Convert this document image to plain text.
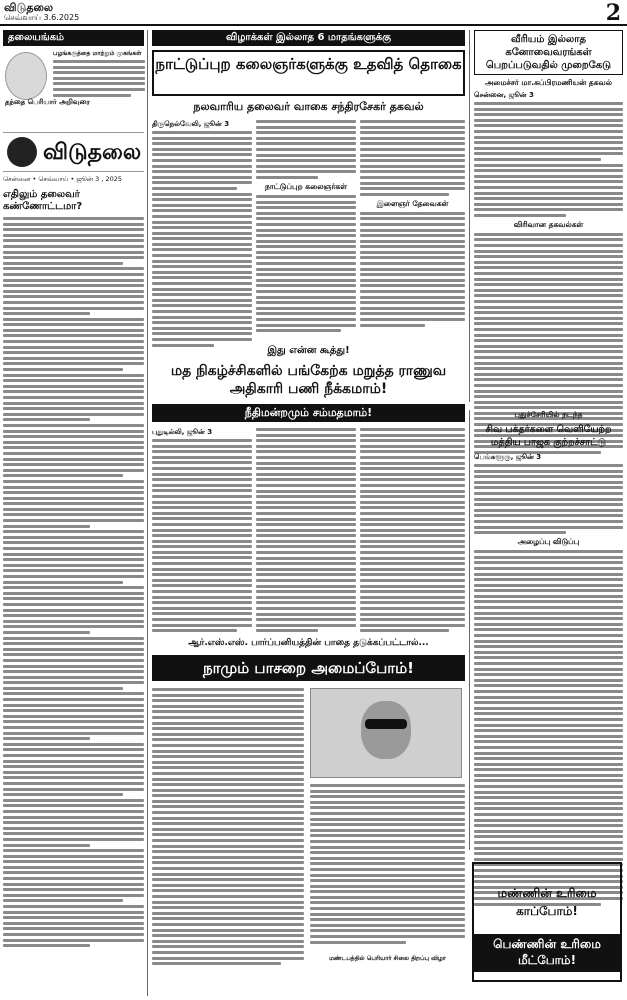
விடுதலை
செவ்வாய் 3.6.2025	2
தலையங்கம்
தந்தை பெரியார் அறிவுரை
பழங்கருத்தை மாற்றும் முகங்கள்
விடுதலை
சென்னை • செவ்வாய் • ஜூன் 3 , 2025
எதிலும் தலைவர் கண்ணோட்டமா?
விழாக்கள் இல்லாத 6 மாதங்களுக்கு
நாட்டுப்புற கலைஞர்களுக்கு உதவித் தொகை
நலவாரிய தலைவர் வாகை சந்திரசேகர் தகவல்
திருநெல்வேலி, ஜூன் 3
நாட்டுப்புற கலைஞர்கள்
இளைஞர் தேவைகள்
வீரியம் இல்லாத கனோவைவரங்கள் பெறப்படுவதில் முறைகேடு
அமைச்சர் மா.சுப்பிரமணியன் தகவல்
சென்னை, ஜூன் 3
விரிவான தகவல்கள்
இது என்ன கூத்து!
மத நிகழ்ச்சிகளில் பங்கேற்க மறுத்த ராணுவ அதிகாரி பணி நீக்கமாம்!
நீதிமன்றமும் சம்மதமாம்!
புதுடில்லி, ஜூன் 3
புதுச்சேரியில் நடந்த
சிவ பக்தர்களை வெளியேற்ற மத்திய பாஜக குற்றச்சாட்டு
பெங்களூரு, ஜூன் 3
அழைப்பு விடுப்பு
ஆர்.எஸ்.எஸ். பார்ப்பனியத்தின் பாதை தடுக்கப்பட்டால்...
நாமும் பாசறை அமைப்போம்!
மண்டபத்தில் பெரியார் சிலை திறப்பு விழா
மண்ணின் உரிமை காப்போம்!
பெண்ணின் உரிமை மீட்போம்!
